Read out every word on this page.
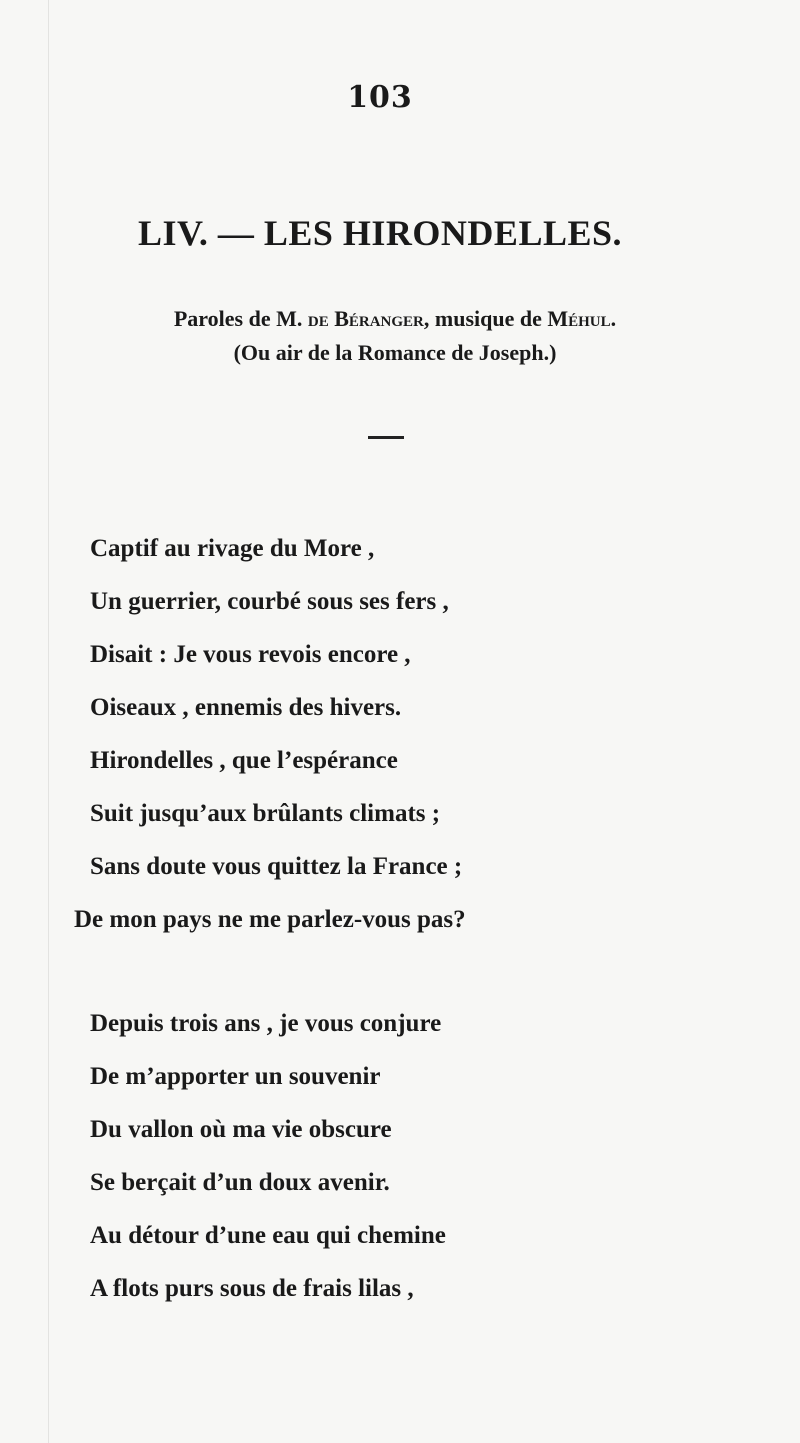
103
LIV. — LES HIRONDELLES.
Paroles de M. de Béranger, musique de Méhul.
(Ou air de la Romance de Joseph.)
Captif au rivage du More ,
Un guerrier, courbé sous ses fers ,
Disait : Je vous revois encore ,
Oiseaux , ennemis des hivers.
Hirondelles , que l’espérance
Suit jusqu’aux brûlants climats ;
Sans doute vous quittez la France ;
De mon pays ne me parlez-vous pas?
Depuis trois ans , je vous conjure
De m’apporter un souvenir
Du vallon où ma vie obscure
Se berçait d’un doux avenir.
Au détour d’une eau qui chemine
A flots purs sous de frais lilas ,
